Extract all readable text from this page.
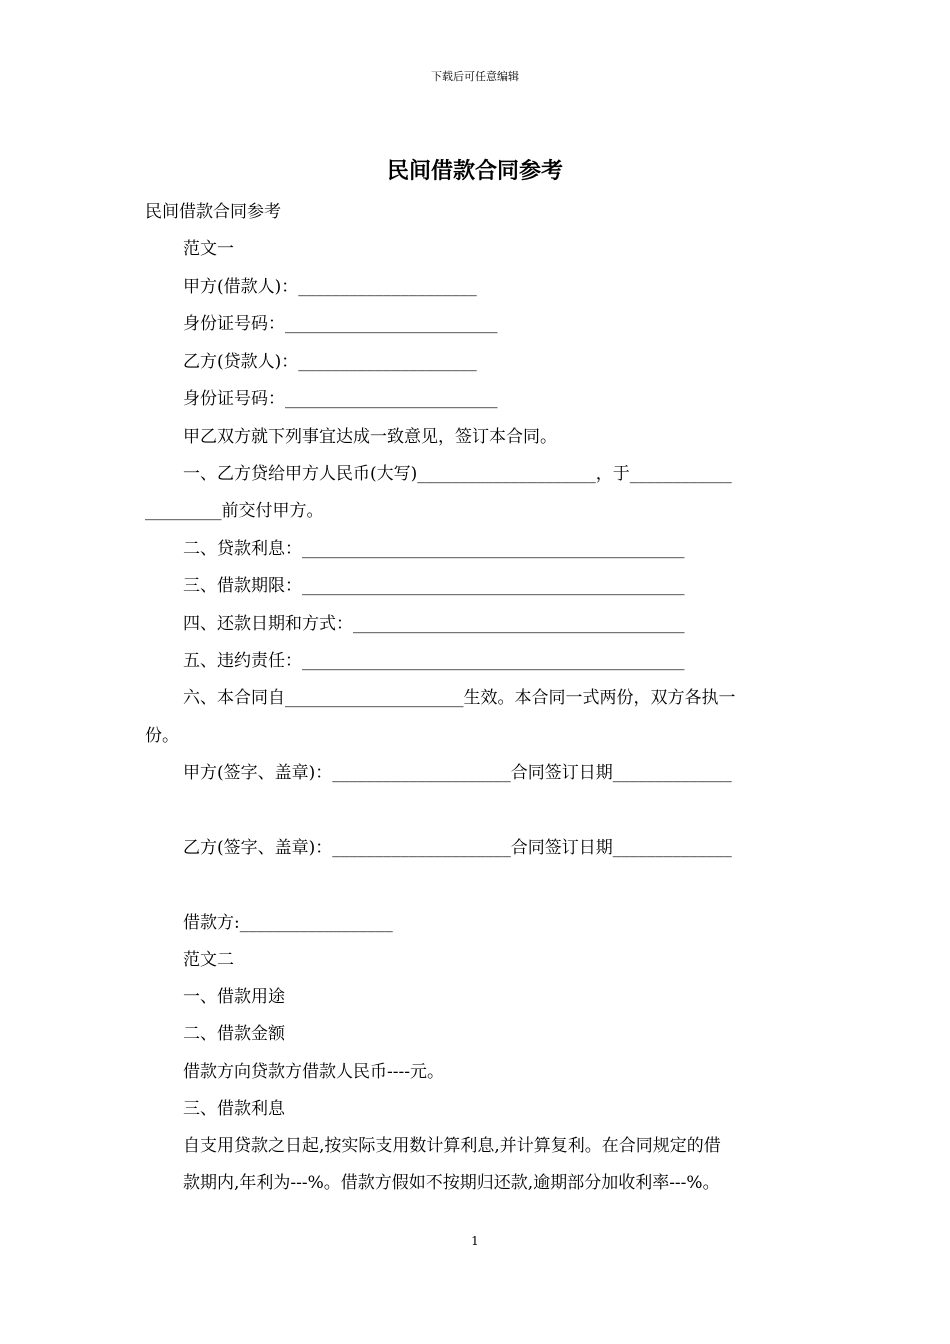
下载后可任意编辑
民间借款合同参考
民间借款合同参考
范文一
甲方(借款人)：_____________________
身份证号码：_________________________
乙方(贷款人)：_____________________
身份证号码：_________________________
甲乙双方就下列事宜达成一致意见，签订本合同。
一、乙方贷给甲方人民币(大写)_____________________，于____________
_________前交付甲方。
二、贷款利息：_____________________________________________
三、借款期限：_____________________________________________
四、还款日期和方式：_______________________________________
五、违约责任：_____________________________________________
六、本合同自_____________________生效。本合同一式两份，双方各执一
份。
甲方(签字、盖章)：_____________________合同签订日期______________
乙方(签字、盖章)：_____________________合同签订日期______________
借款方:__________________
范文二
一、借款用途
二、借款金额
借款方向贷款方借款人民币----元。
三、借款利息
自支用贷款之日起,按实际支用数计算利息,并计算复利。在合同规定的借
款期内,年利为---%。借款方假如不按期归还款,逾期部分加收利率---%。
1
